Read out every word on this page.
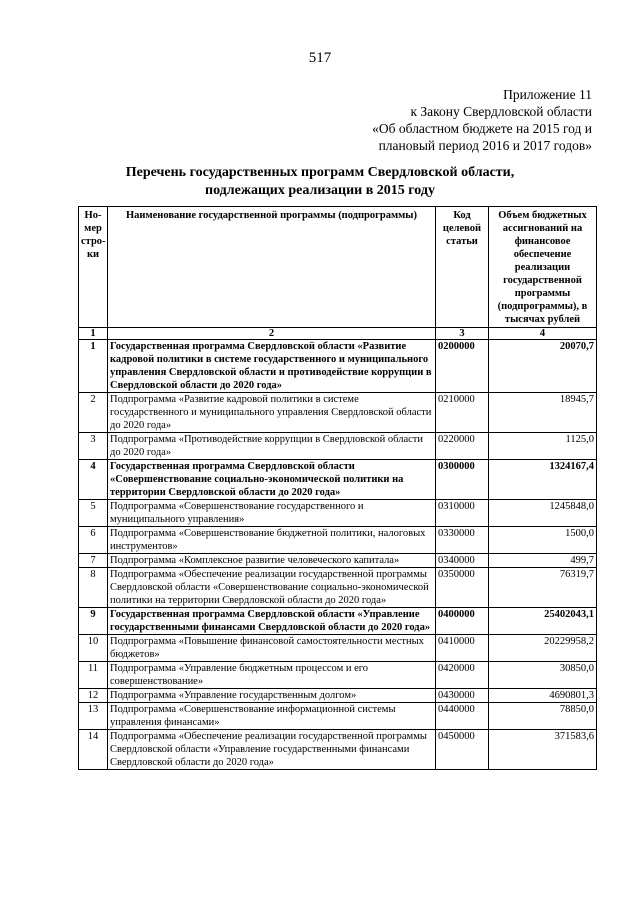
517
Приложение 11
к Закону Свердловской области
«Об областном бюджете на 2015 год и
плановый период 2016 и 2017 годов»
Перечень государственных программ Свердловской области,
подлежащих реализации в 2015 году
Но-мер стро-ки	Наименование государственной программы (подпрограммы)	Код целевой статьи	Объем бюджетных ассигнований на финансовое обеспечение реализации государственной программы (подпрограммы), в тысячах рублей
1	2	3	4
1	Государственная программа Свердловской области «Развитие кадровой политики в системе государственного и муниципального управления Свердловской области и противодействие коррупции в Свердловской области до 2020 года»	0200000	20070,7
2	Подпрограмма «Развитие кадровой политики в системе государственного и муниципального управления Свердловской области до 2020 года»	0210000	18945,7
3	Подпрограмма «Противодействие коррупции в Свердловской области до 2020 года»	0220000	1125,0
4	Государственная программа Свердловской области «Совершенствование социально-экономической политики на территории Свердловской области до 2020 года»	0300000	1324167,4
5	Подпрограмма «Совершенствование государственного и муниципального управления»	0310000	1245848,0
6	Подпрограмма «Совершенствование бюджетной политики, налоговых инструментов»	0330000	1500,0
7	Подпрограмма «Комплексное развитие человеческого капитала»	0340000	499,7
8	Подпрограмма «Обеспечение реализации государственной программы Свердловской области «Совершенствование социально-экономической политики на территории Свердловской области до 2020 года»	0350000	76319,7
9	Государственная программа Свердловской области «Управление государственными финансами Свердловской области до 2020 года»	0400000	25402043,1
10	Подпрограмма «Повышение финансовой самостоятельности местных бюджетов»	0410000	20229958,2
11	Подпрограмма «Управление бюджетным процессом и его совершенствование»	0420000	30850,0
12	Подпрограмма «Управление государственным долгом»	0430000	4690801,3
13	Подпрограмма «Совершенствование информационной системы управления финансами»	0440000	78850,0
14	Подпрограмма «Обеспечение реализации государственной программы Свердловской области «Управление государственными финансами Свердловской области до 2020 года»	0450000	371583,6
